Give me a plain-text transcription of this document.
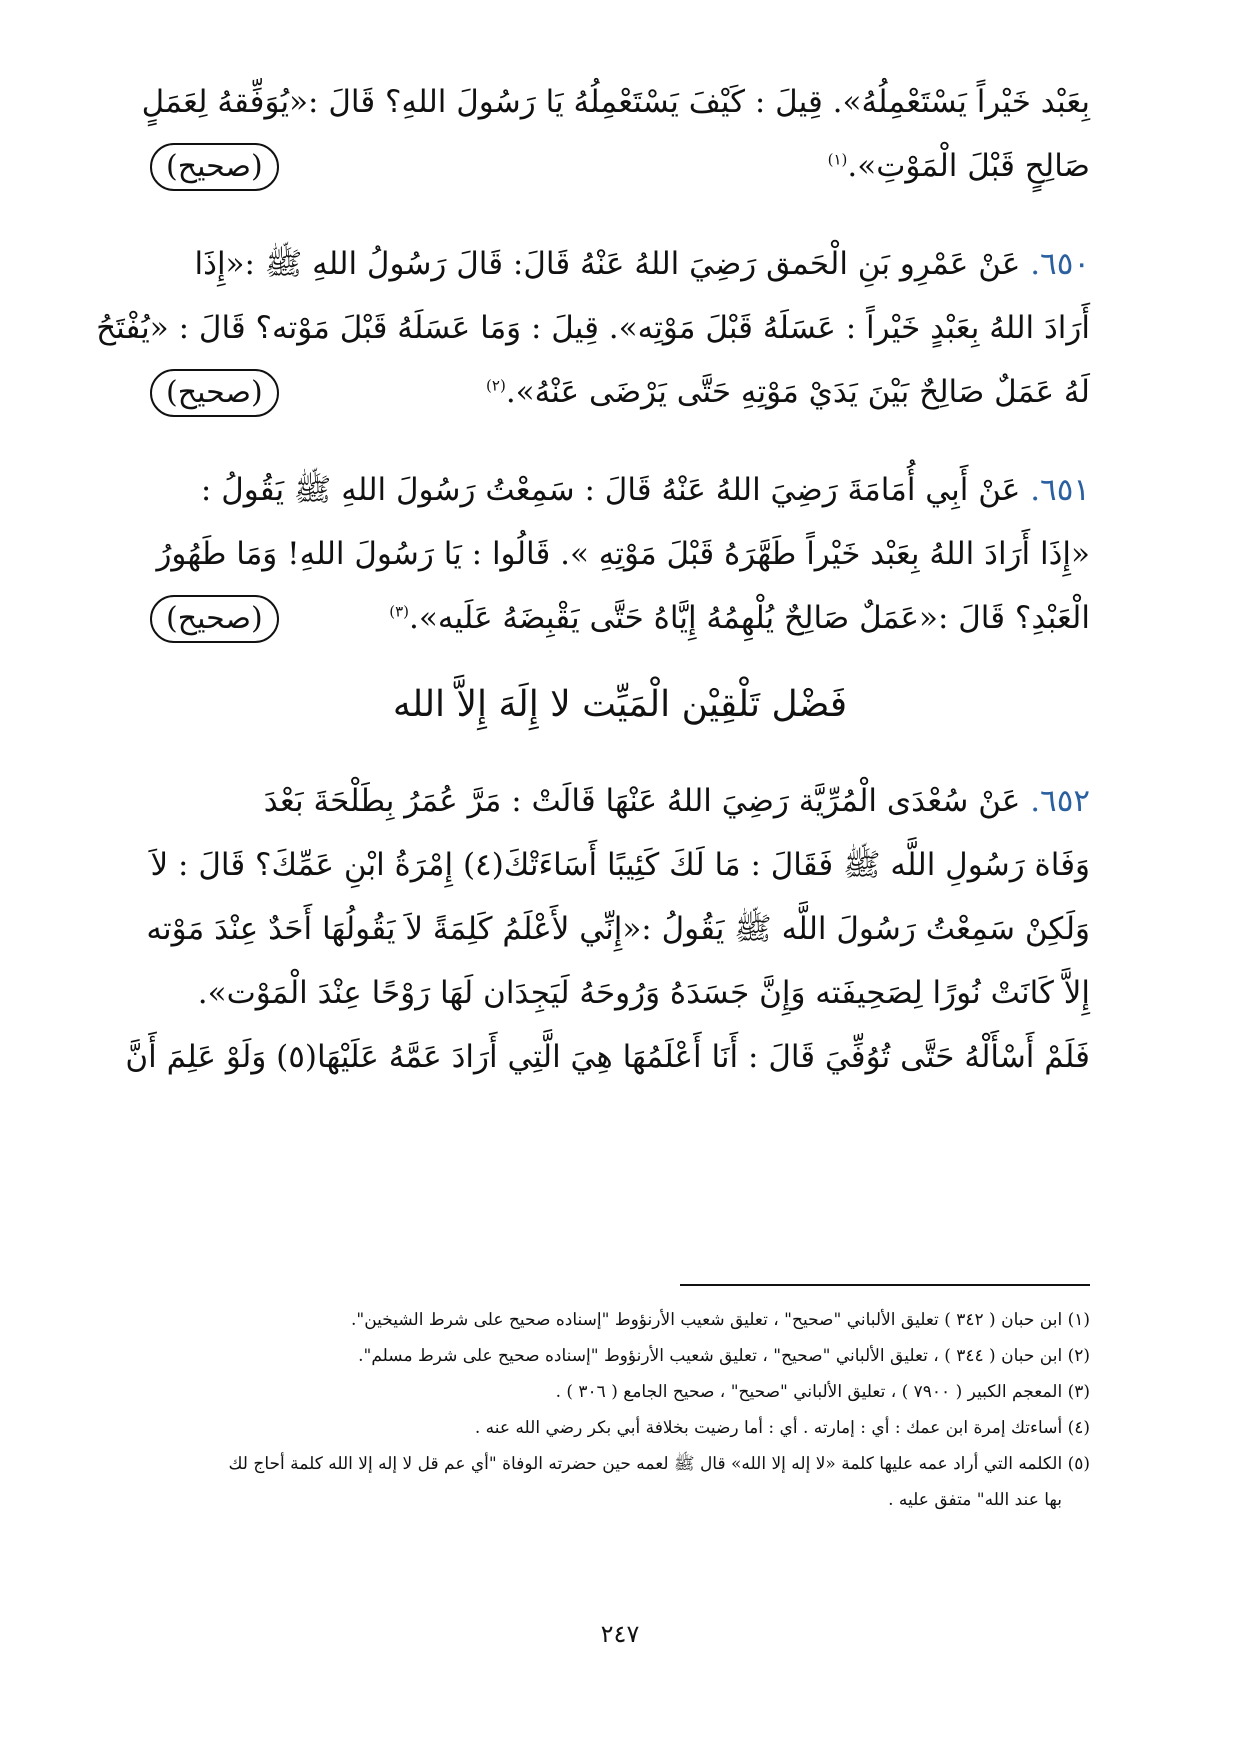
بِعَبْد خَيْراً يَسْتَعْمِلُهُ». قِيلَ : كَيْفَ يَسْتَعْمِلُهُ يَا رَسُولَ اللهِ؟ قَالَ :«يُوَفِّقهُ لِعَمَلٍ
صَالِحٍ قَبْلَ الْمَوْتِ».$^{(١)}$
(صحيح)
٦٥٠. عَنْ عَمْرِو بَنِ الْحَمق رَضِيَ اللهُ عَنْهُ قَالَ: قَالَ رَسُولُ اللهِ ﷺ :«إِذَا
أَرَادَ اللهُ بِعَبْدٍ خَيْراً : عَسَلَهُ قَبْلَ مَوْتِه». قِيلَ : وَمَا عَسَلَهُ قَبْلَ مَوْته؟ قَالَ : «يُفْتَحُ
لَهُ عَمَلٌ صَالِحٌ بَيْنَ يَدَيْ مَوْتِهِ حَتَّى يَرْضَى عَنْهُ».$^{(٢)}$
(صحيح)
٦٥١. عَنْ أَبِي أُمَامَةَ رَضِيَ اللهُ عَنْهُ قَالَ : سَمِعْتُ رَسُولَ اللهِ ﷺ يَقُولُ :
«إِذَا أَرَادَ اللهُ بِعَبْد خَيْراً طَهَّرَهُ قَبْلَ مَوْتِهِ ». قَالُوا : يَا رَسُولَ اللهِ! وَمَا طَهُورُ
الْعَبْدِ؟ قَالَ :«عَمَلٌ صَالِحٌ يُلْهِمُهُ إِيَّاهُ حَتَّى يَقْبِضَهُ عَلَيه».$^{(٣)}$
(صحيح)
فَضْل تَلْقِيْن الْمَيِّت لا إِلَهَ إِلاَّ الله
٦٥٢. عَنْ سُعْدَى الْمُرِّيَّة رَضِيَ اللهُ عَنْهَا قَالَتْ : مَرَّ عُمَرُ بِطَلْحَةَ بَعْدَ
وَفَاة رَسُولِ اللَّه ﷺ فَقَالَ : مَا لَكَ كَئِيبًا أَسَاءَتْكَ(٤) إِمْرَةُ ابْنِ عَمِّكَ؟ قَالَ : لاَ
وَلَكِنْ سَمِعْتُ رَسُولَ اللَّه ﷺ يَقُولُ :«إِنِّي لأَعْلَمُ كَلِمَةً لاَ يَقُولُهَا أَحَدٌ عِنْدَ مَوْته
إِلاَّ كَانَتْ نُورًا لِصَحِيفَته وَإِنَّ جَسَدَهُ وَرُوحَهُ لَيَجِدَان لَهَا رَوْحًا عِنْدَ الْمَوْت».
فَلَمْ أَسْأَلْهُ حَتَّى تُوُفِّيَ قَالَ : أَنَا أَعْلَمُهَا هِيَ الَّتِي أَرَادَ عَمَّهُ عَلَيْهَا(٥) وَلَوْ عَلِمَ أَنَّ
(١) ابن حبان ( ٣٤٢ ) تعليق الألباني "صحيح" ، تعليق شعيب الأرنؤوط "إسناده صحيح على شرط الشيخين".
(٢) ابن حبان ( ٣٤٤ ) ، تعليق الألباني "صحيح" ، تعليق شعيب الأرنؤوط "إسناده صحيح على شرط مسلم".
(٣) المعجم الكبير ( ٧٩٠٠ ) ، تعليق الألباني "صحيح" ، صحيح الجامع ( ٣٠٦ ) .
(٤) أساءتك إمرة ابن عمك : أي : إمارته . أي : أما رضيت بخلافة أبي بكر رضي الله عنه .
(٥) الكلمه التي أراد عمه عليها كلمة «لا إله إلا الله» قال ﷺ لعمه حين حضرته الوفاة "أي عم قل لا إله إلا الله كلمة أحاج لك
بها عند الله" متفق عليه .
٢٤٧
